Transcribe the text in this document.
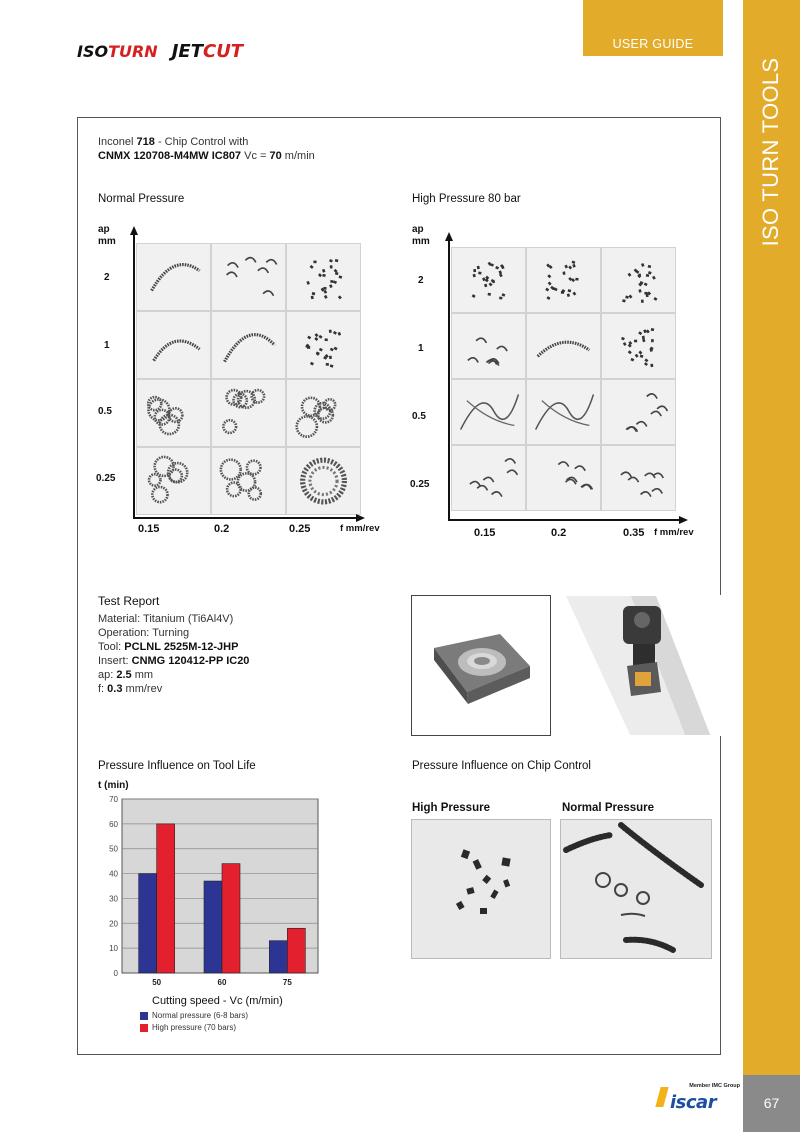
USER GUIDE
ISO TURN TOOLS
67
ISOTURN JETCUT
Member IMC Group
iscar
Inconel 718 - Chip Control with
CNMX 120708-M4MW IC807 Vc = 70 m/min
Normal Pressure	High Pressure 80 bar
ap
mm
2
1
0.5
0.25
0.15	0.2	0.25	f mm/rev
ap
mm
2
1
0.5
0.25
0.15	0.2	0.35 f mm/rev
Test Report
Material: Titanium (Ti6Al4V)
Operation: Turning
Tool: PCLNL 2525M-12-JHP
Insert: CNMG 120412-PP IC20
ap: 2.5 mm
f: 0.3 mm/rev
Pressure Influence on Tool Life
t (min)
0
10
20
30
40
50
60
70
50	60	75
Cutting speed - Vc (m/min)
Normal pressure (6-8 bars)
High pressure (70 bars)
Pressure Influence on Chip Control
High Pressure	Normal Pressure
